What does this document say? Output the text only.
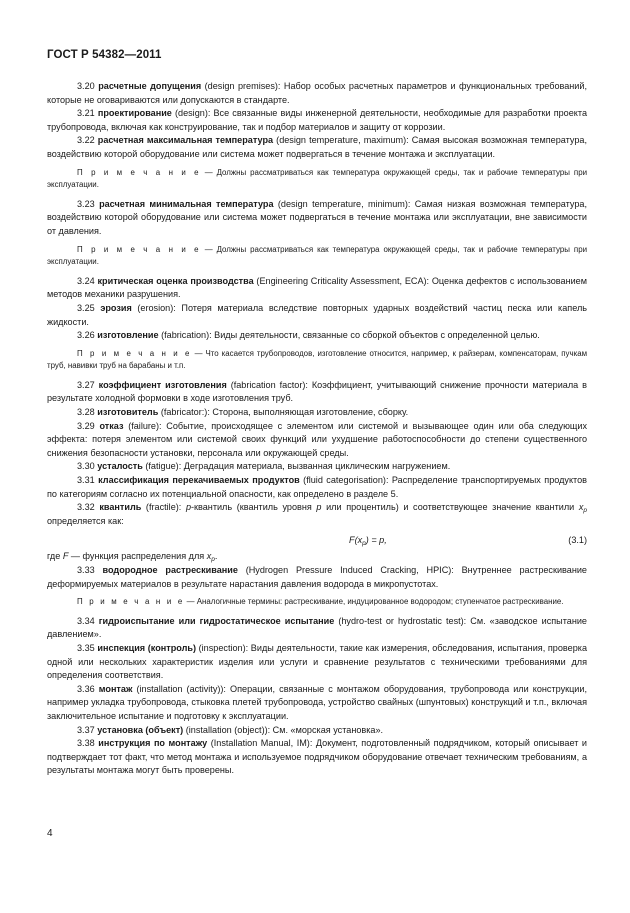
ГОСТ Р 54382—2011

3.20 расчетные допущения (design premises): Набор особых расчетных параметров и функциональных требований, которые не оговариваются или допускаются в стандарте.

3.21 проектирование (design): Все связанные виды инженерной деятельности, необходимые для разработки проекта трубопровода, включая как конструирование, так и подбор материалов и защиту от коррозии.

3.22 расчетная максимальная температура (design temperature, maximum): Самая высокая возможная температура, воздействию которой оборудование или система может подвергаться в течение монтажа и эксплуатации.

П р и м е ч а н и е — Должны рассматриваться как температура окружающей среды, так и рабочие температуры при эксплуатации.

3.23 расчетная минимальная температура (design temperature, minimum): Самая низкая возможная температура, воздействию которой оборудование или система может подвергаться в течение монтажа или эксплуатации, вне зависимости от давления.

П р и м е ч а н и е — Должны рассматриваться как температура окружающей среды, так и рабочие температуры при эксплуатации.

3.24 критическая оценка производства (Engineering Criticality Assessment, ECA): Оценка дефектов с использованием методов механики разрушения.

3.25 эрозия (erosion): Потеря материала вследствие повторных ударных воздействий частиц песка или капель жидкости.

3.26 изготовление (fabrication): Виды деятельности, связанные со сборкой объектов с определенной целью.

П р и м е ч а н и е — Что касается трубопроводов, изготовление относится, например, к райзерам, компенсаторам, пучкам труб, навивки труб на барабаны и т.п.

3.27 коэффициент изготовления (fabrication factor): Коэффициент, учитывающий снижение прочности материала в результате холодной формовки в ходе изготовления труб.

3.28 изготовитель (fabricator:): Сторона, выполняющая изготовление, сборку.

3.29 отказ (failure): Событие, происходящее с элементом или системой и вызывающее один или оба следующих эффекта: потеря элементом или системой своих функций или ухудшение работоспособности до степени существенного снижения безопасности установки, персонала или окружающей среды.

3.30 усталость (fatigue): Деградация материала, вызванная циклическим нагружением.

3.31 классификация перекачиваемых продуктов (fluid categorisation): Распределение транспортируемых продуктов по категориям согласно их потенциальной опасности, как определено в разделе 5.

3.32 квантиль (fractile): p-квантиль (квантиль уровня p или процентиль) и соответствующее значение квантили $x_p$ определяется как:

$F(x_p) = p$,	(3.1)

где F — функция распределения для $x_p$.

3.33 водородное растрескивание (Hydrogen Pressure Induced Cracking, HPIC): Внутреннее растрескивание деформируемых материалов в результате нарастания давления водорода в микропустотах.

П р и м е ч а н и е — Аналогичные термины: растрескивание, индуцированное водородом; ступенчатое растрескивание.

3.34 гидроиспытание или гидростатическое испытание (hydro-test or hydrostatic test): См. «заводское испытание давлением».

3.35 инспекция (контроль) (inspection): Виды деятельности, такие как измерения, обследования, испытания, проверка одной или нескольких характеристик изделия или услуги и сравнение результатов с техническими требованиями для определения соответствия.

3.36 монтаж (installation (activity)): Операции, связанные с монтажом оборудования, трубопровода или конструкции, например укладка трубопровода, стыковка плетей трубопровода, устройство свайных (шпунтовых) конструкций и т.п., включая заключительное испытание и подготовку к эксплуатации.

3.37 установка (объект) (installation (object)): См. «морская установка».

3.38 инструкция по монтажу (Installation Manual, IM): Документ, подготовленный подрядчиком, который описывает и подтверждает тот факт, что метод монтажа и используемое подрядчиком оборудование отвечает техническим требованиям, а результаты монтажа могут быть проверены.

4
